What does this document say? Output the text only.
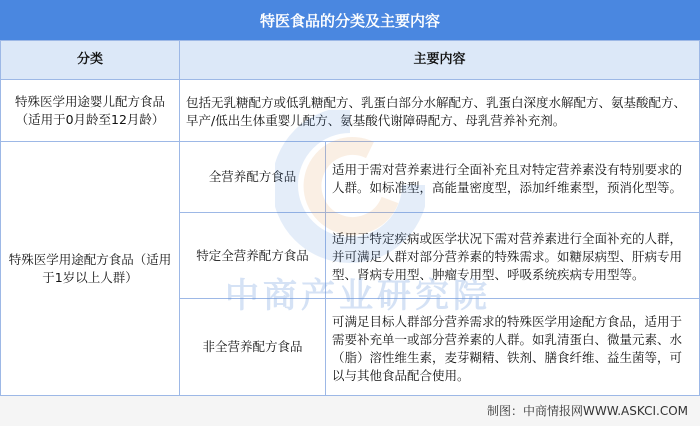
特医食品的分类及主要内容
分类	主要内容
特殊医学用途婴儿配方食品（适用于0月龄至12月龄）
包括无乳糖配方或低乳糖配方、乳蛋白部分水解配方、乳蛋白深度水解配方、氨基酸配方、早产/低出生体重婴儿配方、氨基酸代谢障碍配方、母乳营养补充剂。
特殊医学用途配方食品（适用于1岁以上人群）
全营养配方食品	适用于需对营养素进行全面补充且对特定营养素没有特别要求的人群。如标准型，高能量密度型，添加纤维素型，预消化型等。
特定全营养配方食品
适用于特定疾病或医学状况下需对营养素进行全面补充的人群，并可满足人群对部分营养素的特殊需求。如糖尿病型、肝病专用型、肾病专用型、肿瘤专用型、呼吸系统疾病专用型等。
非全营养配方食品
可满足目标人群部分营养需求的特殊医学用途配方食品，适用于需要补充单一或部分营养素的人群。如乳清蛋白、微量元素、水（脂）溶性维生素，麦芽糊精、铁剂、膳食纤维、益生菌等，可以与其他食品配合使用。
中商产业研究院
制图：中商情报网WWW.ASKCI.COM
